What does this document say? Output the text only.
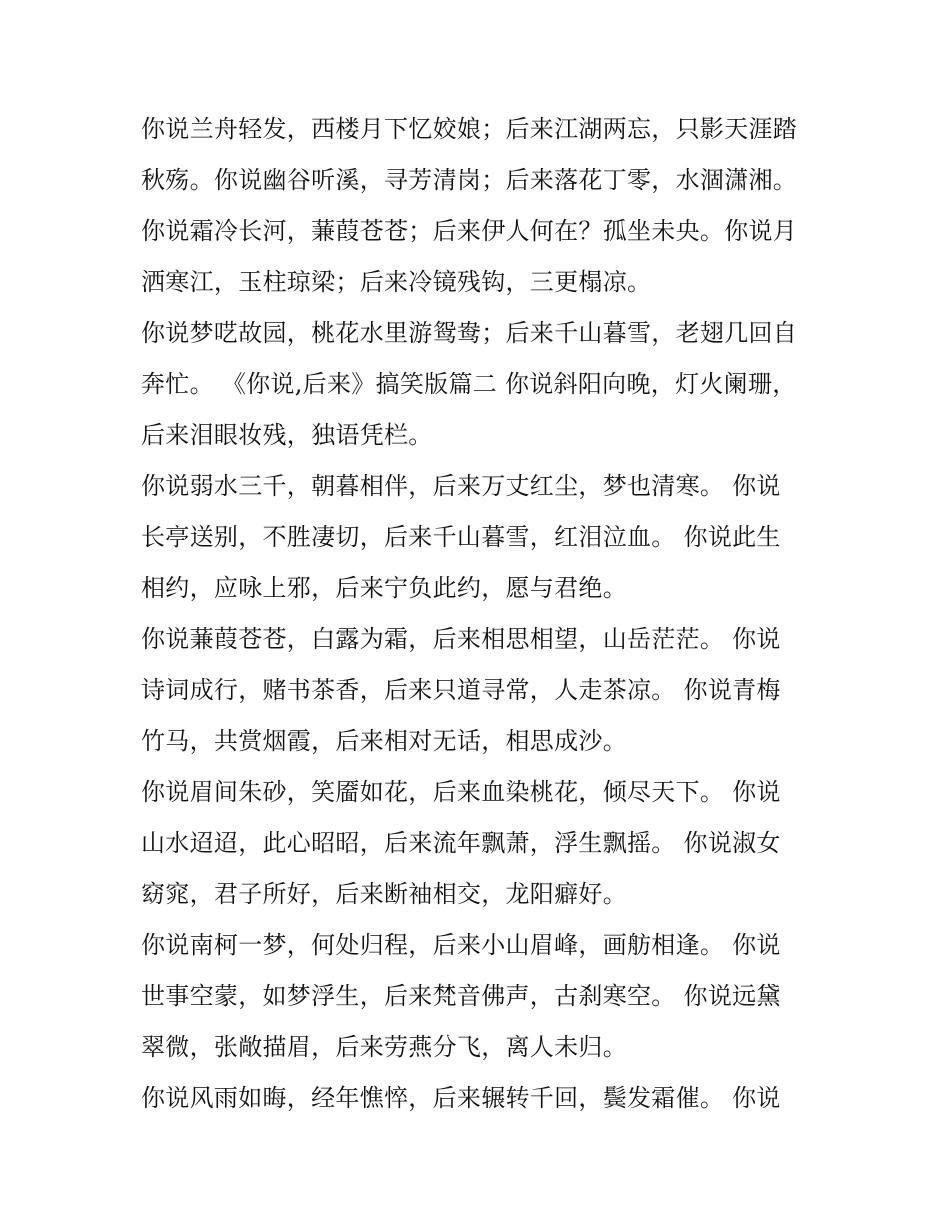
你说兰舟轻发，西楼月下忆姣娘；后来江湖两忘，只影天涯踏
秋殇。你说幽谷听溪，寻芳清岗；后来落花丁零，水涸潇湘。
你说霜冷长河，蒹葭苍苍；后来伊人何在？孤坐未央。你说月
洒寒江，玉柱琼梁；后来冷镜残钩，三更榻凉。
你说梦呓故园，桃花水里游鸳鸯；后来千山暮雪，老翅几回自
奔忙。 《你说,后来》搞笑版篇二 你说斜阳向晚，灯火阑珊，
后来泪眼妆残，独语凭栏。
你说弱水三千，朝暮相伴，后来万丈红尘，梦也清寒。 你说
长亭送别，不胜凄切，后来千山暮雪，红泪泣血。 你说此生
相约，应咏上邪，后来宁负此约，愿与君绝。
你说蒹葭苍苍，白露为霜，后来相思相望，山岳茫茫。 你说
诗词成行，赌书茶香，后来只道寻常，人走茶凉。 你说青梅
竹马，共赏烟霞，后来相对无话，相思成沙。
你说眉间朱砂，笑靥如花，后来血染桃花，倾尽天下。 你说
山水迢迢，此心昭昭，后来流年飘萧，浮生飘摇。 你说淑女
窈窕，君子所好，后来断袖相交，龙阳癖好。
你说南柯一梦，何处归程，后来小山眉峰，画舫相逢。 你说
世事空蒙，如梦浮生，后来梵音佛声，古刹寒空。 你说远黛
翠微，张敞描眉，后来劳燕分飞，离人未归。
你说风雨如晦，经年憔悴，后来辗转千回，鬓发霜催。 你说
